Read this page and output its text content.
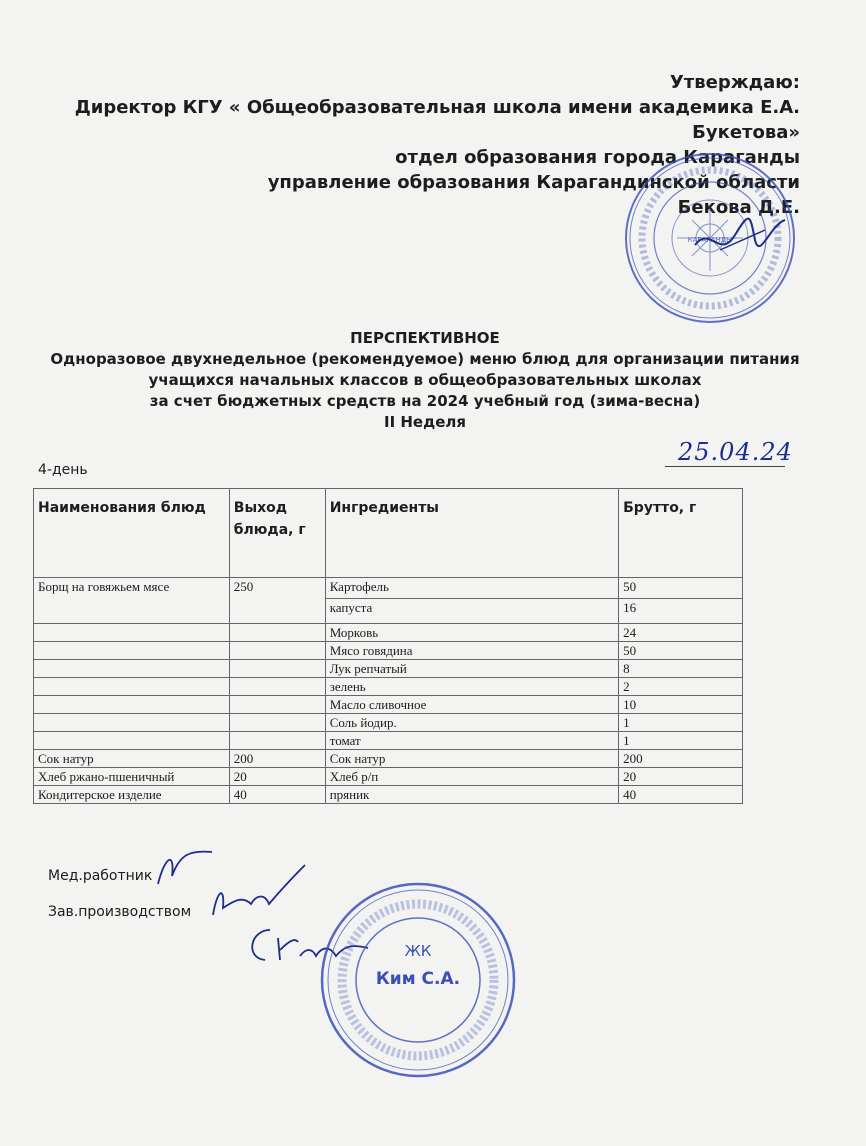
Утверждаю:
Директор КГУ « Общеобразовательная школа имени академика Е.А.
Букетова»
отдел образования города Караганды
управление образования Карагандинской области
Бекова Д.Е.
КАРАГАНДЫ
ПЕРСПЕКТИВНОЕ
Одноразовое двухнедельное (рекомендуемое) меню блюд для организации питания
учащихся начальных классов в общеобразовательных школах
за счет бюджетных средств на 2024 учебный год (зима-весна)
II Неделя
4-день
25.04.24
Наименования блюд	Выход блюда, г	Ингредиенты	Брутто, г
Борщ на говяжьем мясе	250	Картофель	50
		капуста	16
		Морковь	24
		Мясо говядина	50
		Лук репчатый	8
		зелень	2
		Масло сливочное	10
		Соль йодир.	1
		томат	1
Сок натур	200	Сок натур	200
Хлеб ржано-пшеничный	20	Хлеб р/п	20
Кондитерское изделие	40	пряник	40
Мед.работник
Зав.производством
ЖК
Ким С.А.
